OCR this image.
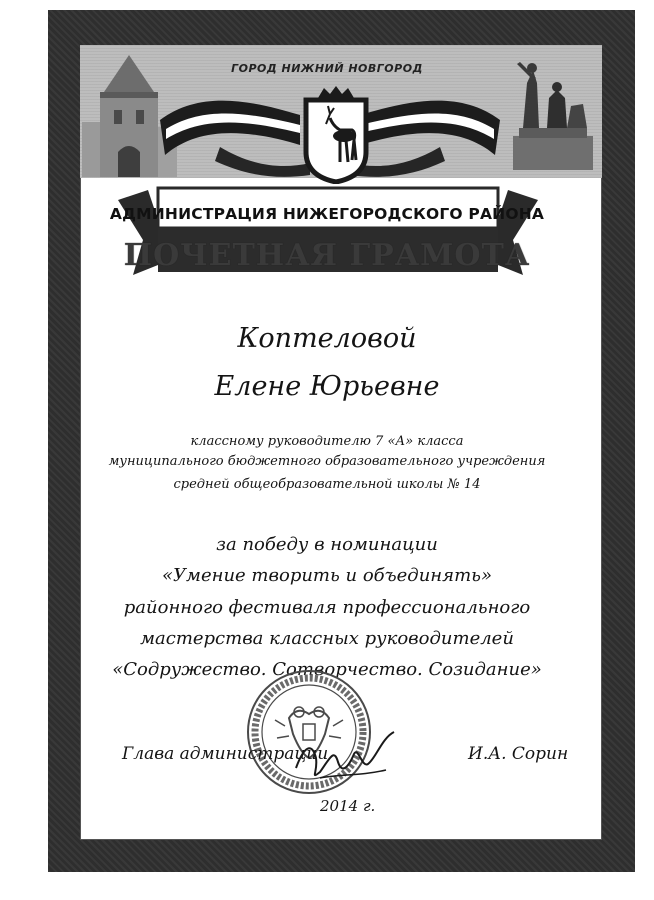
ГОРОД НИЖНИЙ НОВГОРОД
АДМИНИСТРАЦИЯ НИЖЕГОРОДСКОГО РАЙОНА
ПОЧЕТНАЯ ГРАМОТА
Коптеловой
Елене Юрьевне
классному руководителю 7 «А» класса
муниципального бюджетного образовательного учреждения
средней общеобразовательной школы № 14
за победу в номинации
«Умение творить и объединять»
районного фестиваля профессионального
мастерства классных руководителей
«Содружество. Сотворчество. Созидание»
Глава администрации	И.А. Сорин
2014 г.
